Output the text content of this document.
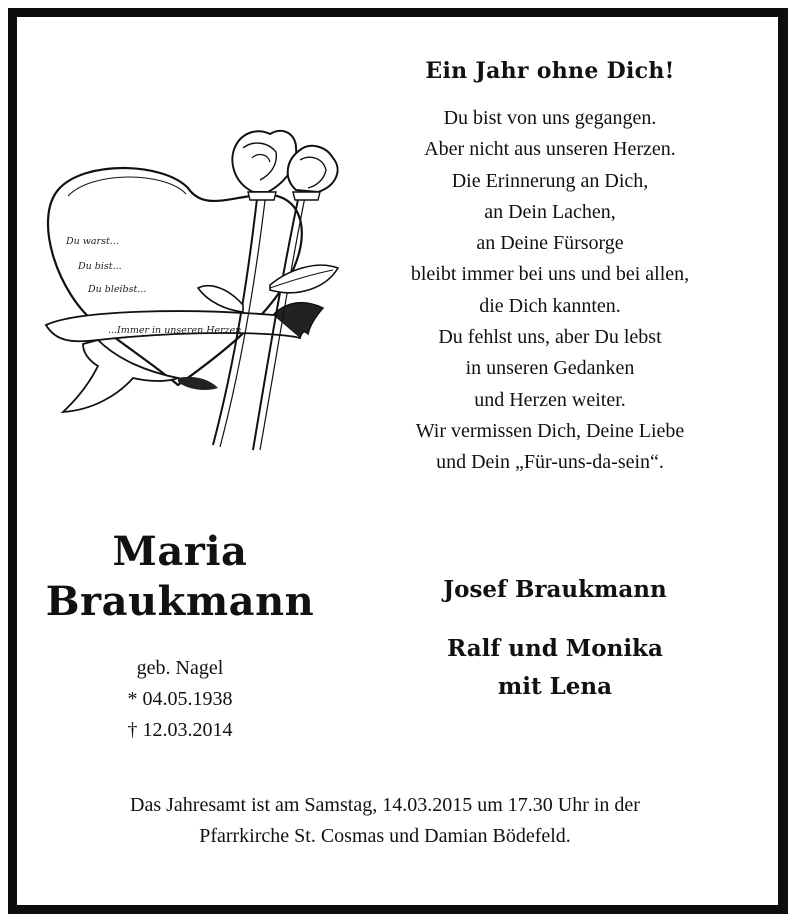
Ein Jahr ohne Dich!
Du bist von uns gegangen.
Aber nicht aus unseren Herzen.
Die Erinnerung an Dich,
an Dein Lachen,
an Deine Fürsorge
bleibt immer bei uns und bei allen,
die Dich kannten.
Du fehlst uns, aber Du lebst
in unseren Gedanken
und Herzen weiter.
Wir vermissen Dich, Deine Liebe
und Dein „Für-uns-da-sein“.
Du warst...
Du bist...
Du bleibst...
...Immer in unseren Herzen
Maria
Braukmann
geb. Nagel
* 04.05.1938
† 12.03.2014
Josef Braukmann
Ralf und Monika
mit Lena
Das Jahresamt ist am Samstag, 14.03.2015 um 17.30 Uhr in der
Pfarrkirche St. Cosmas und Damian Bödefeld.
